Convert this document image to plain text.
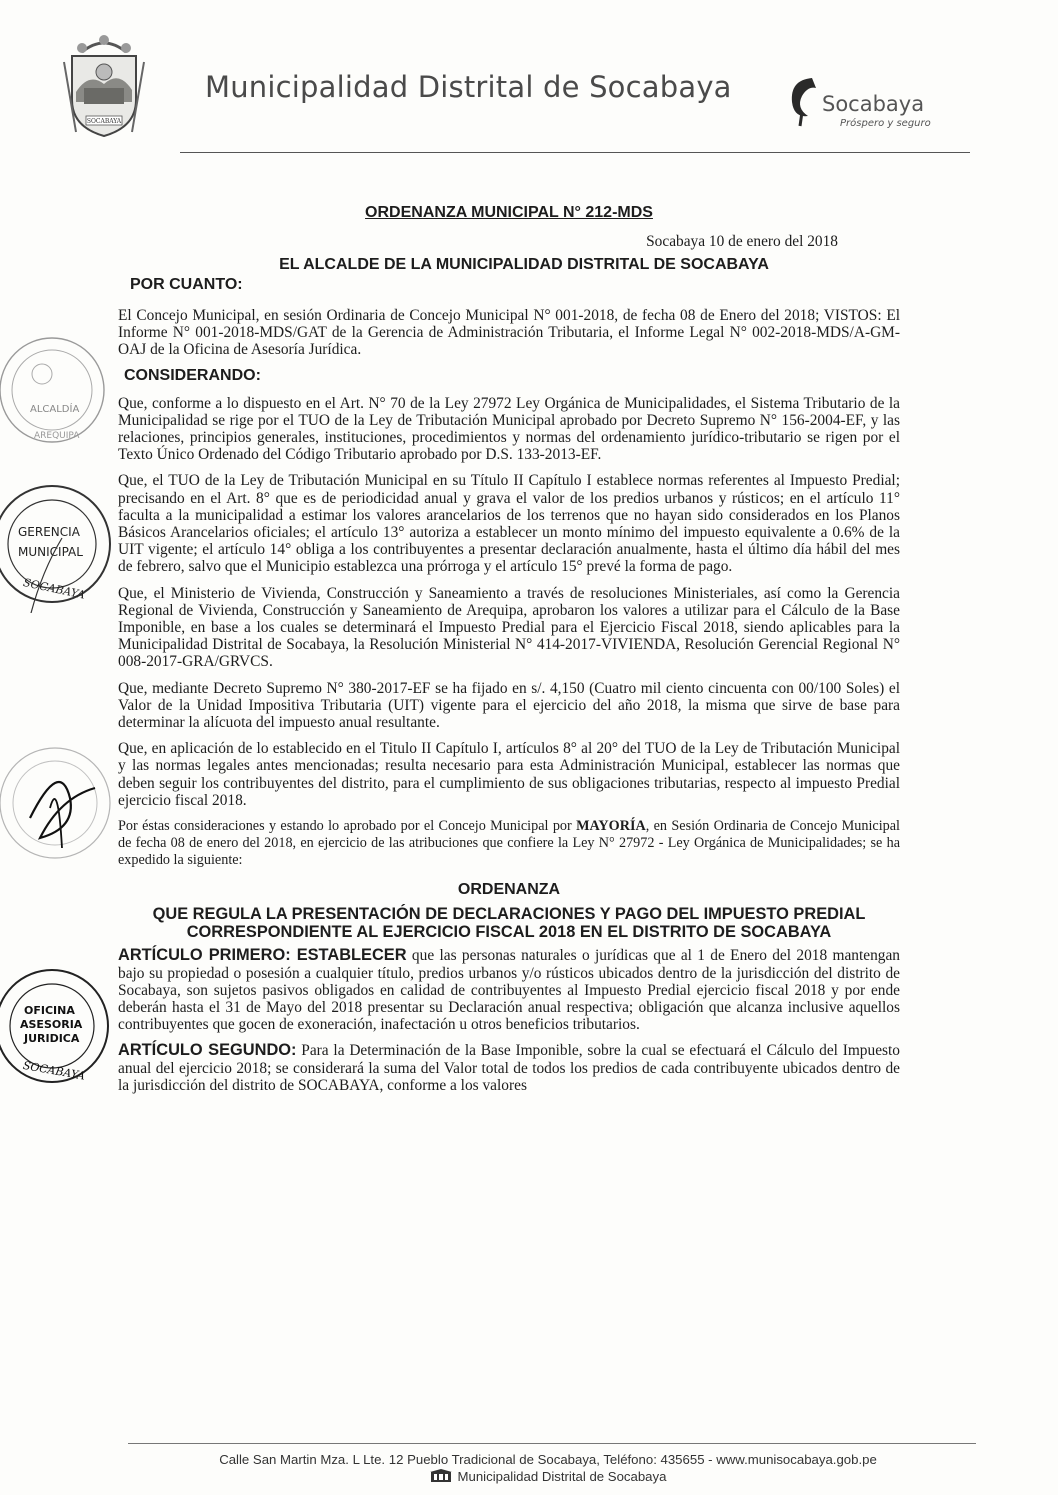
SOCABAYA
Municipalidad Distrital de Socabaya	Socabaya
Próspero y seguro
ORDENANZA MUNICIPAL N° 212-MDS
Socabaya 10 de enero del 2018
EL ALCALDE DE LA MUNICIPALIDAD DISTRITAL DE SOCABAYA
POR CUANTO:

El Concejo Municipal, en sesión Ordinaria de Concejo Municipal N° 001-2018, de fecha 08 de Enero del 2018; VISTOS: El Informe N° 001-2018-MDS/GAT de la Gerencia de Administración Tributaria, el Informe Legal N° 002-2018-MDS/A-GM-OAJ de la Oficina de Asesoría Jurídica.

CONSIDERANDO:

Que, conforme a lo dispuesto en el Art. N° 70 de la Ley 27972 Ley Orgánica de Municipalidades, el Sistema Tributario de la Municipalidad se rige por el TUO de la Ley de Tributación Municipal aprobado por Decreto Supremo N° 156-2004-EF, y las relaciones, principios generales, instituciones, procedimientos y normas del ordenamiento jurídico-tributario se rigen por el Texto Único Ordenado del Código Tributario aprobado por D.S. 133-2013-EF.

Que, el TUO de la Ley de Tributación Municipal en su Título II Capítulo I establece normas referentes al Impuesto Predial; precisando en el Art. 8° que es de periodicidad anual y grava el valor de los predios urbanos y rústicos; en el artículo 11° faculta a la municipalidad a estimar los valores arancelarios de los terrenos que no hayan sido considerados en los Planos Básicos Arancelarios oficiales; el artículo 13° autoriza a establecer un monto mínimo del impuesto equivalente a 0.6% de la UIT vigente; el artículo 14° obliga a los contribuyentes a presentar declaración anualmente, hasta el último día hábil del mes de febrero, salvo que el Municipio establezca una prórroga y el artículo 15° prevé la forma de pago.

Que, el Ministerio de Vivienda, Construcción y Saneamiento a través de resoluciones Ministeriales, así como la Gerencia Regional de Vivienda, Construcción y Saneamiento de Arequipa, aprobaron los valores a utilizar para el Cálculo de la Base Imponible, en base a los cuales se determinará el Impuesto Predial para el Ejercicio Fiscal 2018, siendo aplicables para la Municipalidad Distrital de Socabaya, la Resolución Ministerial N° 414-2017-VIVIENDA, Resolución Gerencial Regional N° 008-2017-GRA/GRVCS.

Que, mediante Decreto Supremo N° 380-2017-EF se ha fijado en s/. 4,150 (Cuatro mil ciento cincuenta con 00/100 Soles) el Valor de la Unidad Impositiva Tributaria (UIT) vigente para el ejercicio del año 2018, la misma que sirve de base para determinar la alícuota del impuesto anual resultante.

Que, en aplicación de lo establecido en el Titulo II Capítulo I, artículos 8° al 20° del TUO de la Ley de Tributación Municipal y las normas legales antes mencionadas; resulta necesario para esta Administración Municipal, establecer las normas que deben seguir los contribuyentes del distrito, para el cumplimiento de sus obligaciones tributarias, respecto al impuesto Predial ejercicio fiscal 2018.

Por éstas consideraciones y estando lo aprobado por el Concejo Municipal por MAYORÍA, en Sesión Ordinaria de Concejo Municipal de fecha 08 de enero del 2018, en ejercicio de las atribuciones que confiere la Ley N° 27972 - Ley Orgánica de Municipalidades; se ha expedido la siguiente:

ORDENANZA
QUE REGULA LA PRESENTACIÓN DE DECLARACIONES Y PAGO DEL IMPUESTO PREDIAL CORRESPONDIENTE AL EJERCICIO FISCAL 2018 EN EL DISTRITO DE SOCABAYA

ARTÍCULO PRIMERO: ESTABLECER que las personas naturales o jurídicas que al 1 de Enero del 2018 mantengan bajo su propiedad o posesión a cualquier título, predios urbanos y/o rústicos ubicados dentro de la jurisdicción del distrito de Socabaya, son sujetos pasivos obligados en calidad de contribuyentes al Impuesto Predial ejercicio fiscal 2018 y por ende deberán hasta el 31 de Mayo del 2018 presentar su Declaración anual respectiva; obligación que alcanza inclusive aquellos contribuyentes que gocen de exoneración, inafectación u otros beneficios tributarios.

ARTÍCULO SEGUNDO: Para la Determinación de la Base Imponible, sobre la cual se efectuará el Cálculo del Impuesto anual del ejercicio 2018; se considerará la suma del Valor total de todos los predios de cada contribuyente ubicados dentro de la jurisdicción del distrito de SOCABAYA, conforme a los valores

ALCALDÍA
AREQUIPA
GERENCIA
MUNICIPAL
SOCABAYA
OFICINA
ASESORIA
JURIDICA
SOCABAYA
Calle San Martin Mza. L Lte. 12 Pueblo Tradicional de Socabaya, Teléfono: 435655 - www.munisocabaya.gob.pe
Municipalidad Distrital de Socabaya
